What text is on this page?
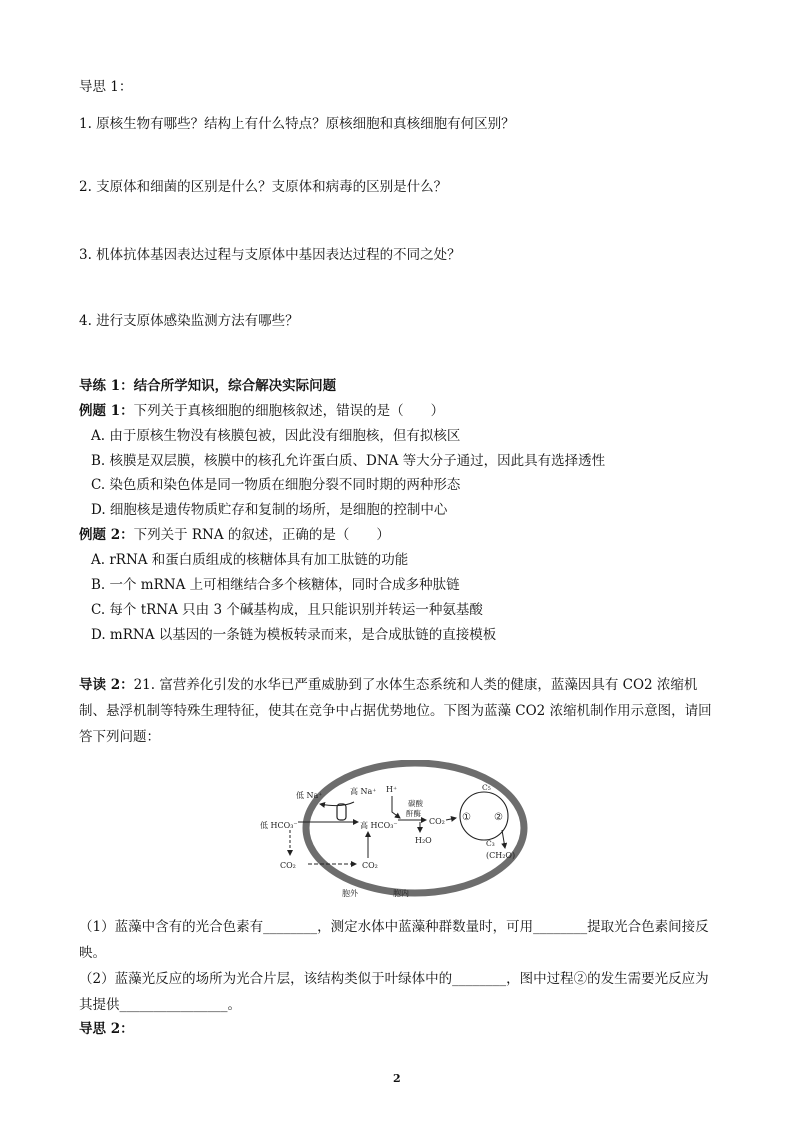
导思 1：
1. 原核生物有哪些？结构上有什么特点？原核细胞和真核细胞有何区别？
2. 支原体和细菌的区别是什么？支原体和病毒的区别是什么？
3. 机体抗体基因表达过程与支原体中基因表达过程的不同之处？
4. 进行支原体感染监测方法有哪些？
导练 1：结合所学知识，综合解决实际问题
例题 1：下列关于真核细胞的细胞核叙述，错误的是（　　）
A. 由于原核生物没有核膜包被，因此没有细胞核，但有拟核区
B. 核膜是双层膜，核膜中的核孔允许蛋白质、DNA 等大分子通过，因此具有选择透性
C. 染色质和染色体是同一物质在细胞分裂不同时期的两种形态
D. 细胞核是遗传物质贮存和复制的场所，是细胞的控制中心
例题 2：下列关于 RNA 的叙述，正确的是（　　）
A. rRNA 和蛋白质组成的核糖体具有加工肽链的功能
B. 一个 mRNA 上可相继结合多个核糖体，同时合成多种肽链
C. 每个 tRNA 只由 3 个碱基构成，且只能识别并转运一种氨基酸
D. mRNA 以基因的一条链为模板转录而来，是合成肽链的直接模板
导读 2：21. 富营养化引发的水华已严重威胁到了水体生态系统和人类的健康，蓝藻因具有 CO2 浓缩机制、悬浮机制等特殊生理特征，使其在竞争中占据优势地位。下图为蓝藻 CO2 浓缩机制作用示意图，请回答下列问题：
低 Na⁺	高 Na⁺
低 HCO₃⁻	高 HCO₃⁻
H⁺
碳酸
酐酶
CO₂
H₂O
C₅
C₃
① ②
(CH₂O)
CO₂	CO₂
胞外	胞内
（1）蓝藻中含有的光合色素有________，测定水体中蓝藻种群数量时，可用________提取光合色素间接反映。
（2）蓝藻光反应的场所为光合片层，该结构类似于叶绿体中的________，图中过程②的发生需要光反应为其提供________________。
导思 2：
2
